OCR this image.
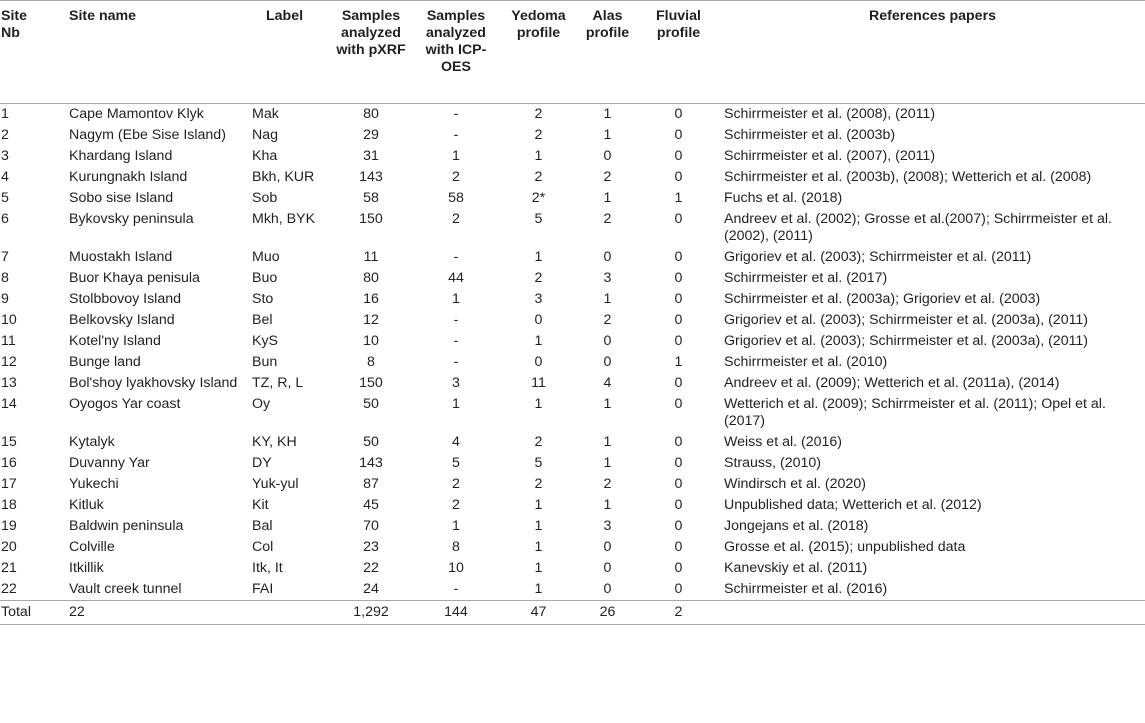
Site Nb	Site name	Label	Samples analyzed with pXRF	Samples analyzed with ICP-OES	Yedoma profile	Alas profile	Fluvial profile	References papers
1	Cape Mamontov Klyk	Mak	80	-	2	1	0	Schirrmeister et al. (2008), (2011)
2	Nagym (Ebe Sise Island)	Nag	29	-	2	1	0	Schirrmeister et al. (2003b)
3	Khardang Island	Kha	31	1	1	0	0	Schirrmeister et al. (2007), (2011)
4	Kurungnakh Island	Bkh, KUR	143	2	2	2	0	Schirrmeister et al. (2003b), (2008); Wetterich et al. (2008)
5	Sobo sise Island	Sob	58	58	2*	1	1	Fuchs et al. (2018)
6	Bykovsky peninsula	Mkh, BYK	150	2	5	2	0	Andreev et al. (2002); Grosse et al.(2007); Schirrmeister et al. (2002), (2011)
7	Muostakh Island	Muo	11	-	1	0	0	Grigoriev et al. (2003); Schirrmeister et al. (2011)
8	Buor Khaya penisula	Buo	80	44	2	3	0	Schirrmeister et al. (2017)
9	Stolbbovoy Island	Sto	16	1	3	1	0	Schirrmeister et al. (2003a); Grigoriev et al. (2003)
10	Belkovsky Island	Bel	12	-	0	2	0	Grigoriev et al. (2003); Schirrmeister et al. (2003a), (2011)
11	Kotel'ny Island	KyS	10	-	1	0	0	Grigoriev et al. (2003); Schirrmeister et al. (2003a), (2011)
12	Bunge land	Bun	8	-	0	0	1	Schirrmeister et al. (2010)
13	Bol'shoy lyakhovsky Island	TZ, R, L	150	3	11	4	0	Andreev et al. (2009); Wetterich et al. (2011a), (2014)
14	Oyogos Yar coast	Oy	50	1	1	1	0	Wetterich et al. (2009); Schirrmeister et al. (2011); Opel et al. (2017)
15	Kytalyk	KY, KH	50	4	2	1	0	Weiss et al. (2016)
16	Duvanny Yar	DY	143	5	5	1	0	Strauss, (2010)
17	Yukechi	Yuk-yul	87	2	2	2	0	Windirsch et al. (2020)
18	Kitluk	Kit	45	2	1	1	0	Unpublished data; Wetterich et al. (2012)
19	Baldwin peninsula	Bal	70	1	1	3	0	Jongejans et al. (2018)
20	Colville	Col	23	8	1	0	0	Grosse et al. (2015); unpublished data
21	Itkillik	Itk, It	22	10	1	0	0	Kanevskiy et al. (2011)
22	Vault creek tunnel	FAI	24	-	1	0	0	Schirrmeister et al. (2016)
Total	22		1,292	144	47	26	2	
